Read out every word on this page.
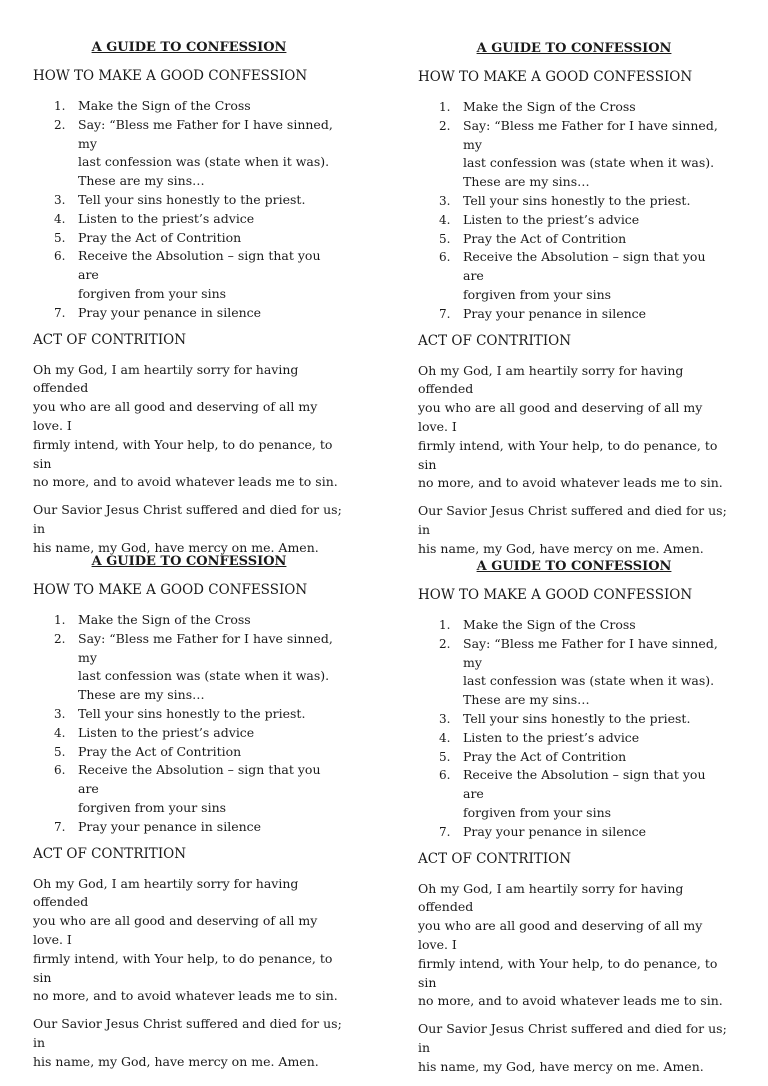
A GUIDE TO CONFESSION
HOW TO MAKE A GOOD CONFESSION
1. Make the Sign of the Cross
2. Say: “Bless me Father for I have sinned, my
last confession was (state when it was).
These are my sins…
3. Tell your sins honestly to the priest.
4. Listen to the priest’s advice
5. Pray the Act of Contrition
6. Receive the Absolution – sign that you are
forgiven from your sins
7. Pray your penance in silence
ACT OF CONTRITION
Oh my God, I am heartily sorry for having offended
you who are all good and deserving of all my love. I
firmly intend, with Your help, to do penance, to sin
no more, and to avoid whatever leads me to sin.
Our Savior Jesus Christ suffered and died for us; in
his name, my God, have mercy on me. Amen.
A GUIDE TO CONFESSION
HOW TO MAKE A GOOD CONFESSION
1. Make the Sign of the Cross
2. Say: “Bless me Father for I have sinned, my
last confession was (state when it was).
These are my sins…
3. Tell your sins honestly to the priest.
4. Listen to the priest’s advice
5. Pray the Act of Contrition
6. Receive the Absolution – sign that you are
forgiven from your sins
7. Pray your penance in silence
ACT OF CONTRITION
Oh my God, I am heartily sorry for having offended
you who are all good and deserving of all my love. I
firmly intend, with Your help, to do penance, to sin
no more, and to avoid whatever leads me to sin.
Our Savior Jesus Christ suffered and died for us; in
his name, my God, have mercy on me. Amen.
A GUIDE TO CONFESSION
HOW TO MAKE A GOOD CONFESSION
1. Make the Sign of the Cross
2. Say: “Bless me Father for I have sinned, my
last confession was (state when it was).
These are my sins…
3. Tell your sins honestly to the priest.
4. Listen to the priest’s advice
5. Pray the Act of Contrition
6. Receive the Absolution – sign that you are
forgiven from your sins
7. Pray your penance in silence
ACT OF CONTRITION
Oh my God, I am heartily sorry for having offended
you who are all good and deserving of all my love. I
firmly intend, with Your help, to do penance, to sin
no more, and to avoid whatever leads me to sin.
Our Savior Jesus Christ suffered and died for us; in
his name, my God, have mercy on me. Amen.
A GUIDE TO CONFESSION
HOW TO MAKE A GOOD CONFESSION
1. Make the Sign of the Cross
2. Say: “Bless me Father for I have sinned, my
last confession was (state when it was).
These are my sins…
3. Tell your sins honestly to the priest.
4. Listen to the priest’s advice
5. Pray the Act of Contrition
6. Receive the Absolution – sign that you are
forgiven from your sins
7. Pray your penance in silence
ACT OF CONTRITION
Oh my God, I am heartily sorry for having offended
you who are all good and deserving of all my love. I
firmly intend, with Your help, to do penance, to sin
no more, and to avoid whatever leads me to sin.
Our Savior Jesus Christ suffered and died for us; in
his name, my God, have mercy on me. Amen.
